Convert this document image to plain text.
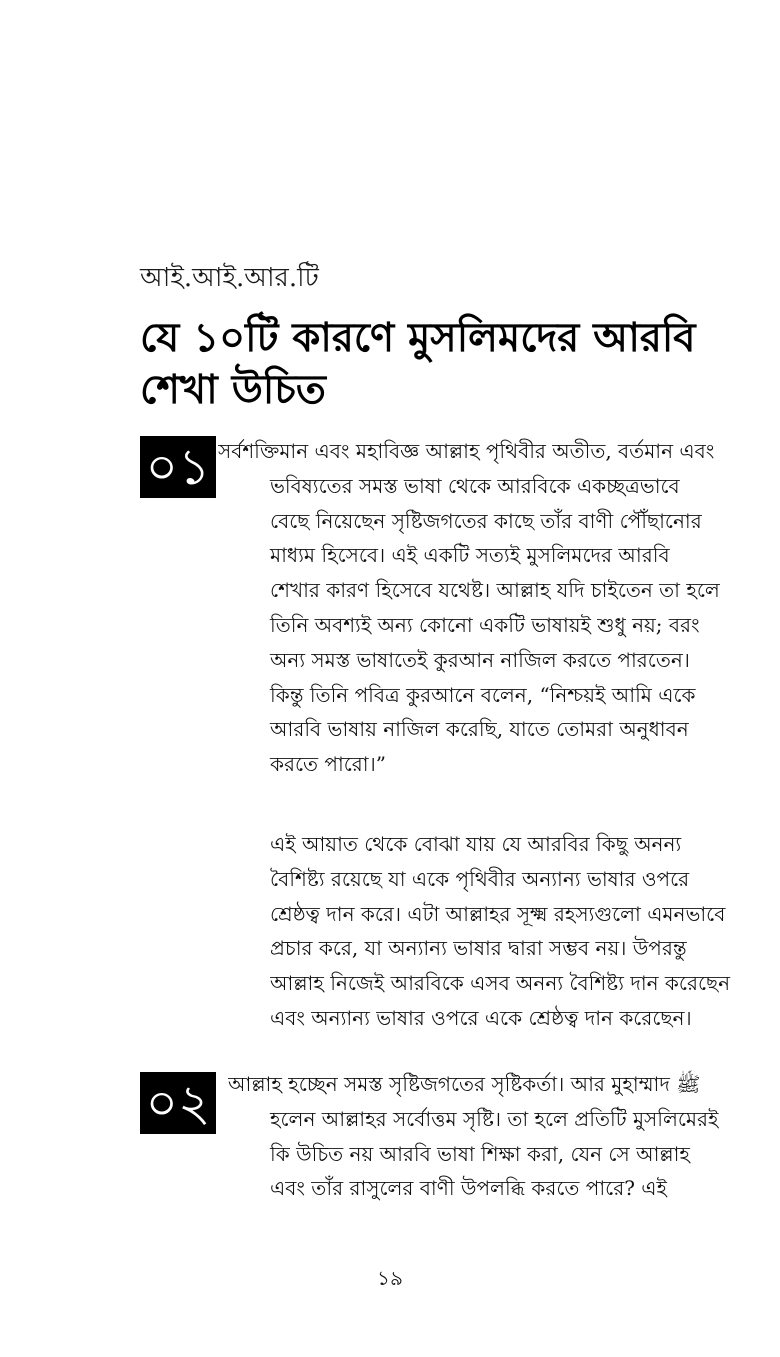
আই.আই.আর.টি
যে ১০টি কারণে মুসলিমদের আরবি শেখা উচিত
০১ সর্বশক্তিমান এবং মহাবিজ্ঞ আল্লাহ পৃথিবীর অতীত, বর্তমান এবং
ভবিষ্যতের সমস্ত ভাষা থেকে আরবিকে একচ্ছত্রভাবে
বেছে নিয়েছেন সৃষ্টিজগতের কাছে তাঁর বাণী পৌঁছানোর
মাধ্যম হিসেবে। এই একটি সত্যই মুসলিমদের আরবি
শেখার কারণ হিসেবে যথেষ্ট। আল্লাহ যদি চাইতেন তা হলে
তিনি অবশ্যই অন্য কোনো একটি ভাষায়ই শুধু নয়; বরং
অন্য সমস্ত ভাষাতেই কুরআন নাজিল করতে পারতেন।
কিন্তু তিনি পবিত্র কুরআনে বলেন, “নিশ্চয়ই আমি একে
আরবি ভাষায় নাজিল করেছি, যাতে তোমরা অনুধাবন
করতে পারো।”

এই আয়াত থেকে বোঝা যায় যে আরবির কিছু অনন্য
বৈশিষ্ট্য রয়েছে যা একে পৃথিবীর অন্যান্য ভাষার ওপরে
শ্রেষ্ঠত্ব দান করে। এটা আল্লাহর সূক্ষ্ম রহস্যগুলো এমনভাবে
প্রচার করে, যা অন্যান্য ভাষার দ্বারা সম্ভব নয়। উপরন্তু
আল্লাহ নিজেই আরবিকে এসব অনন্য বৈশিষ্ট্য দান করেছেন
এবং অন্যান্য ভাষার ওপরে একে শ্রেষ্ঠত্ব দান করেছেন।

০২ আল্লাহ হচ্ছেন সমস্ত সৃষ্টিজগতের সৃষ্টিকর্তা। আর মুহাম্মাদ ﷺ
হলেন আল্লাহর সর্বোত্তম সৃষ্টি। তা হলে প্রতিটি মুসলিমেরই
কি উচিত নয় আরবি ভাষা শিক্ষা করা, যেন সে আল্লাহ
এবং তাঁর রাসুলের বাণী উপলব্ধি করতে পারে? এই

১৯
